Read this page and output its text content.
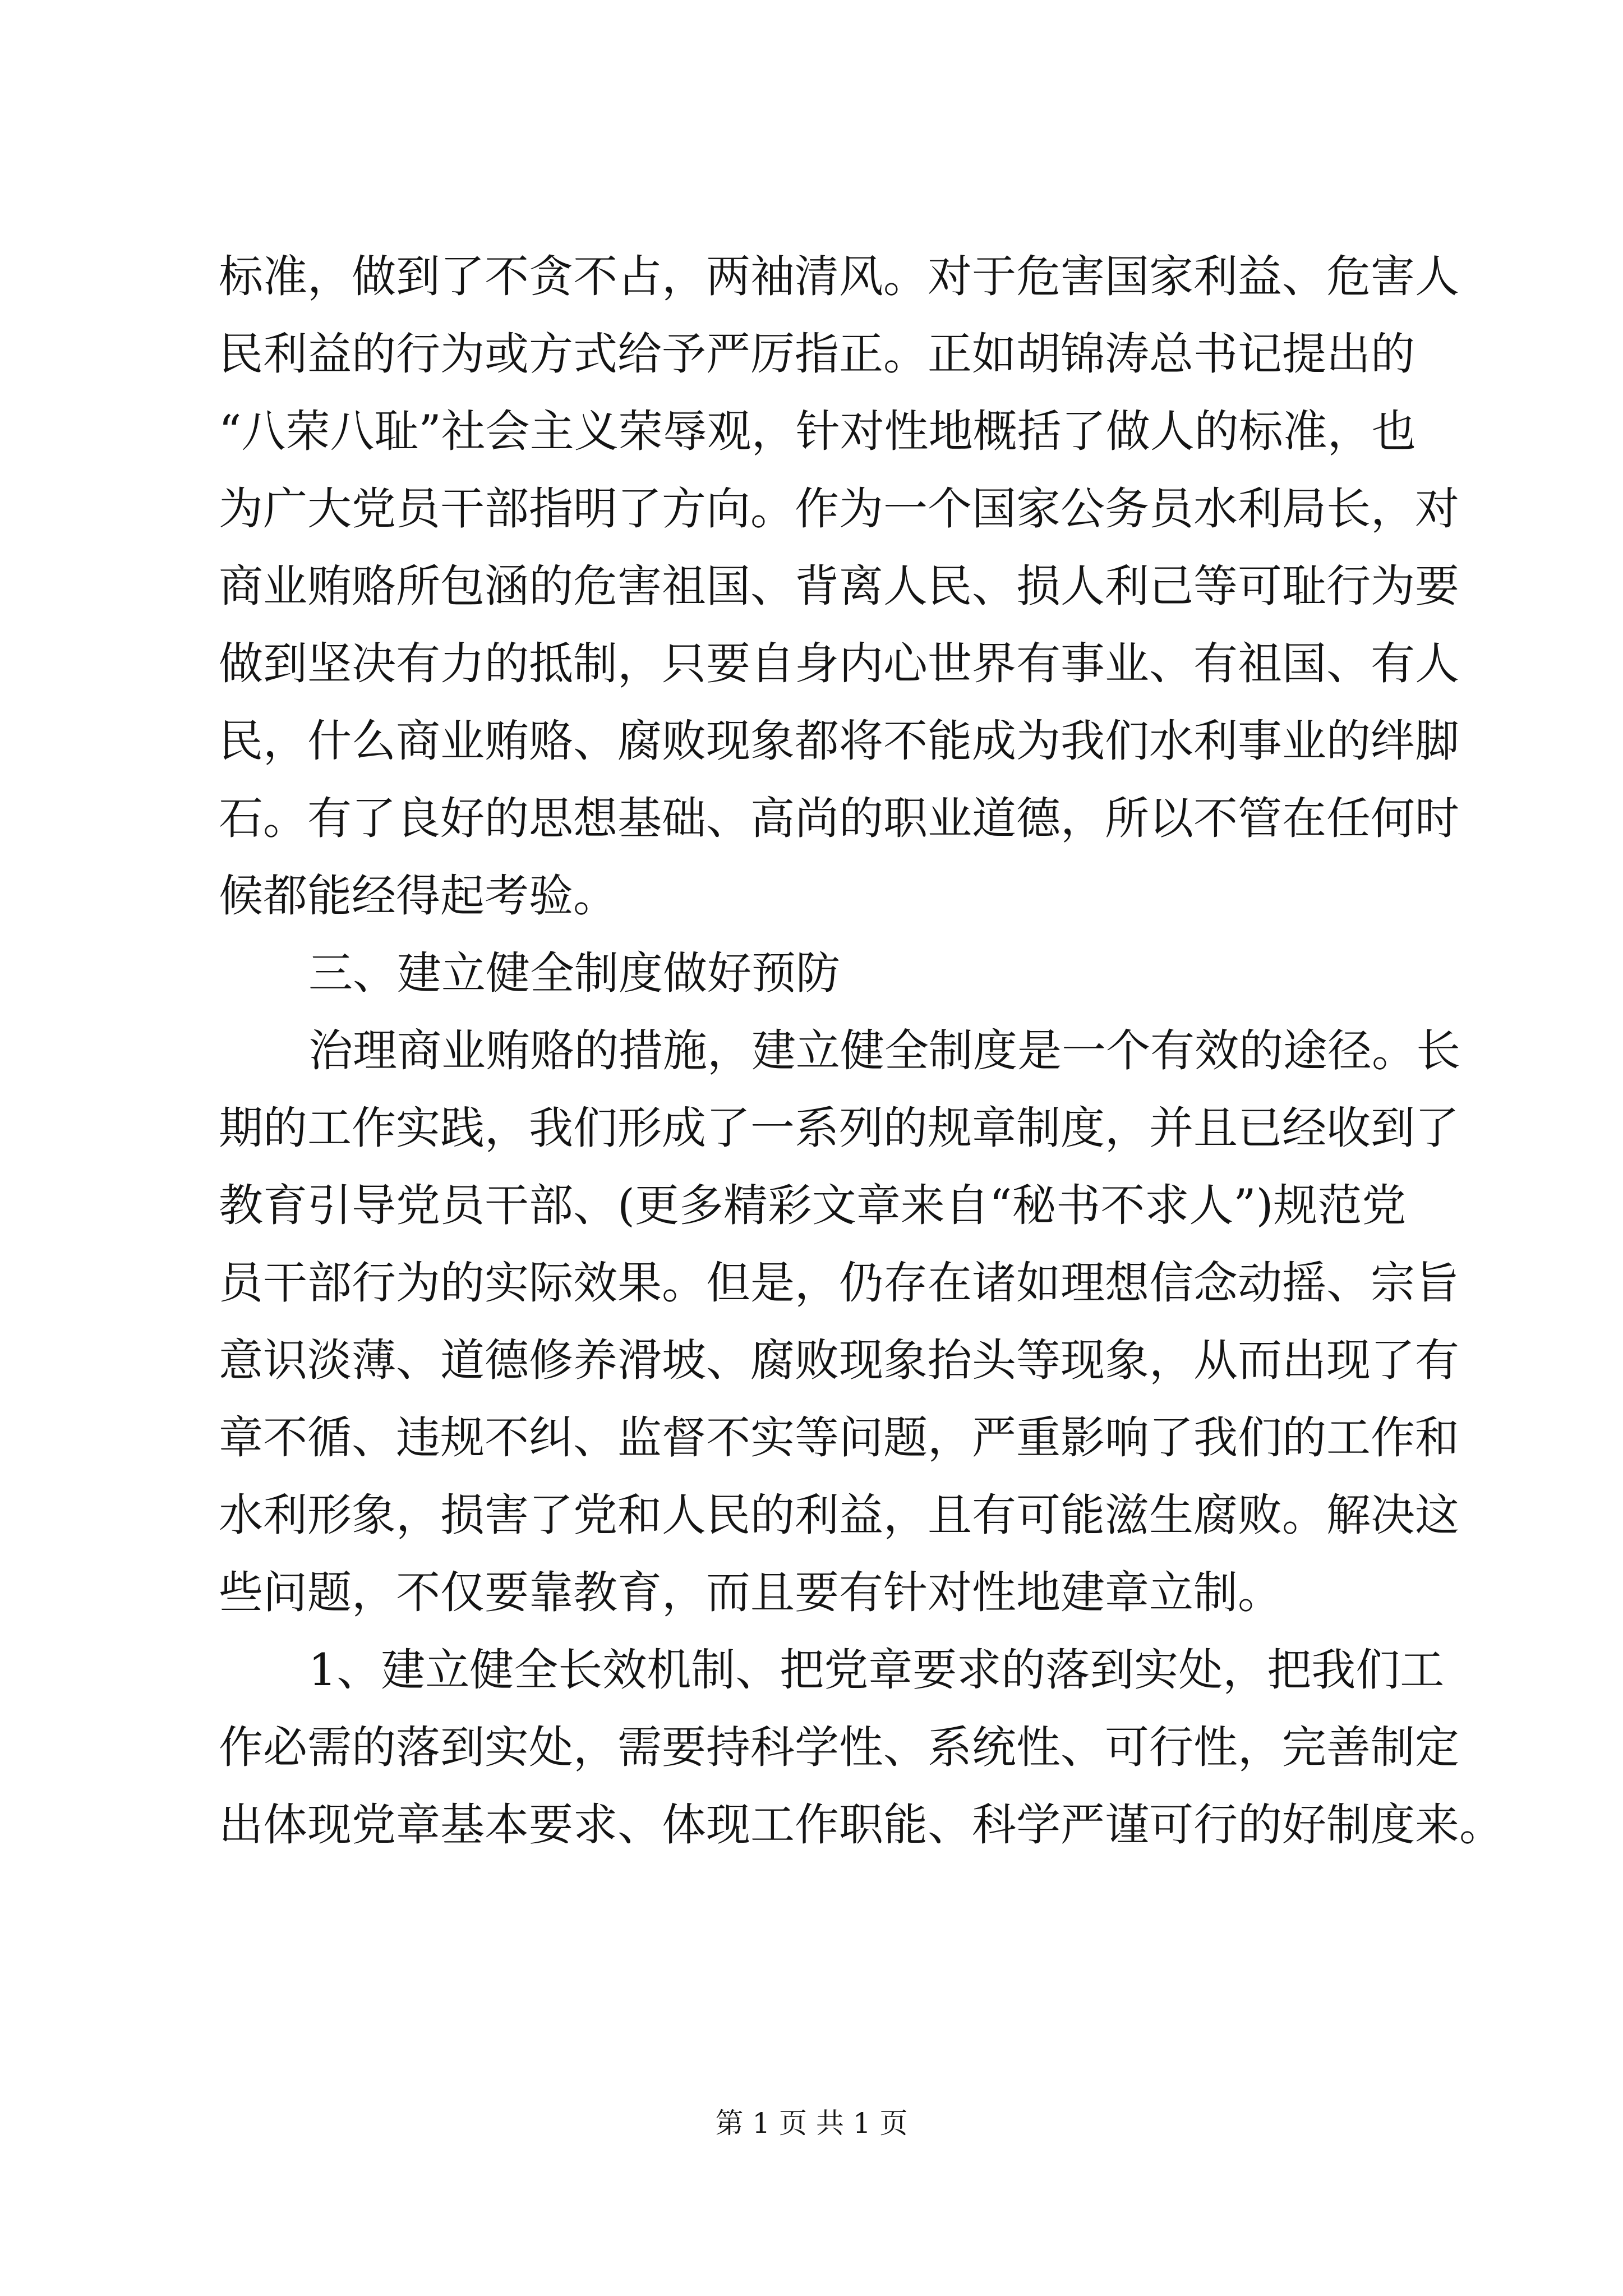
标准，做到了不贪不占，两袖清风。对于危害国家利益、危害人
民利益的行为或方式给予严厉指正。正如胡锦涛总书记提出的
“八荣八耻”社会主义荣辱观，针对性地概括了做人的标准，也
为广大党员干部指明了方向。作为一个国家公务员水利局长，对
商业贿赂所包涵的危害祖国、背离人民、损人利己等可耻行为要
做到坚决有力的抵制，只要自身内心世界有事业、有祖国、有人
民，什么商业贿赂、腐败现象都将不能成为我们水利事业的绊脚
石。有了良好的思想基础、高尚的职业道德，所以不管在任何时
候都能经得起考验。
三、建立健全制度做好预防
治理商业贿赂的措施，建立健全制度是一个有效的途径。长
期的工作实践，我们形成了一系列的规章制度，并且已经收到了
教育引导党员干部、(更多精彩文章来自“秘书不求人”)规范党
员干部行为的实际效果。但是，仍存在诸如理想信念动摇、宗旨
意识淡薄、道德修养滑坡、腐败现象抬头等现象，从而出现了有
章不循、违规不纠、监督不实等问题，严重影响了我们的工作和
水利形象，损害了党和人民的利益，且有可能滋生腐败。解决这
些问题，不仅要靠教育，而且要有针对性地建章立制。
1、建立健全长效机制、把党章要求的落到实处，把我们工
作必需的落到实处，需要持科学性、系统性、可行性，完善制定
出体现党章基本要求、体现工作职能、科学严谨可行的好制度来。
第 1 页 共 1 页
